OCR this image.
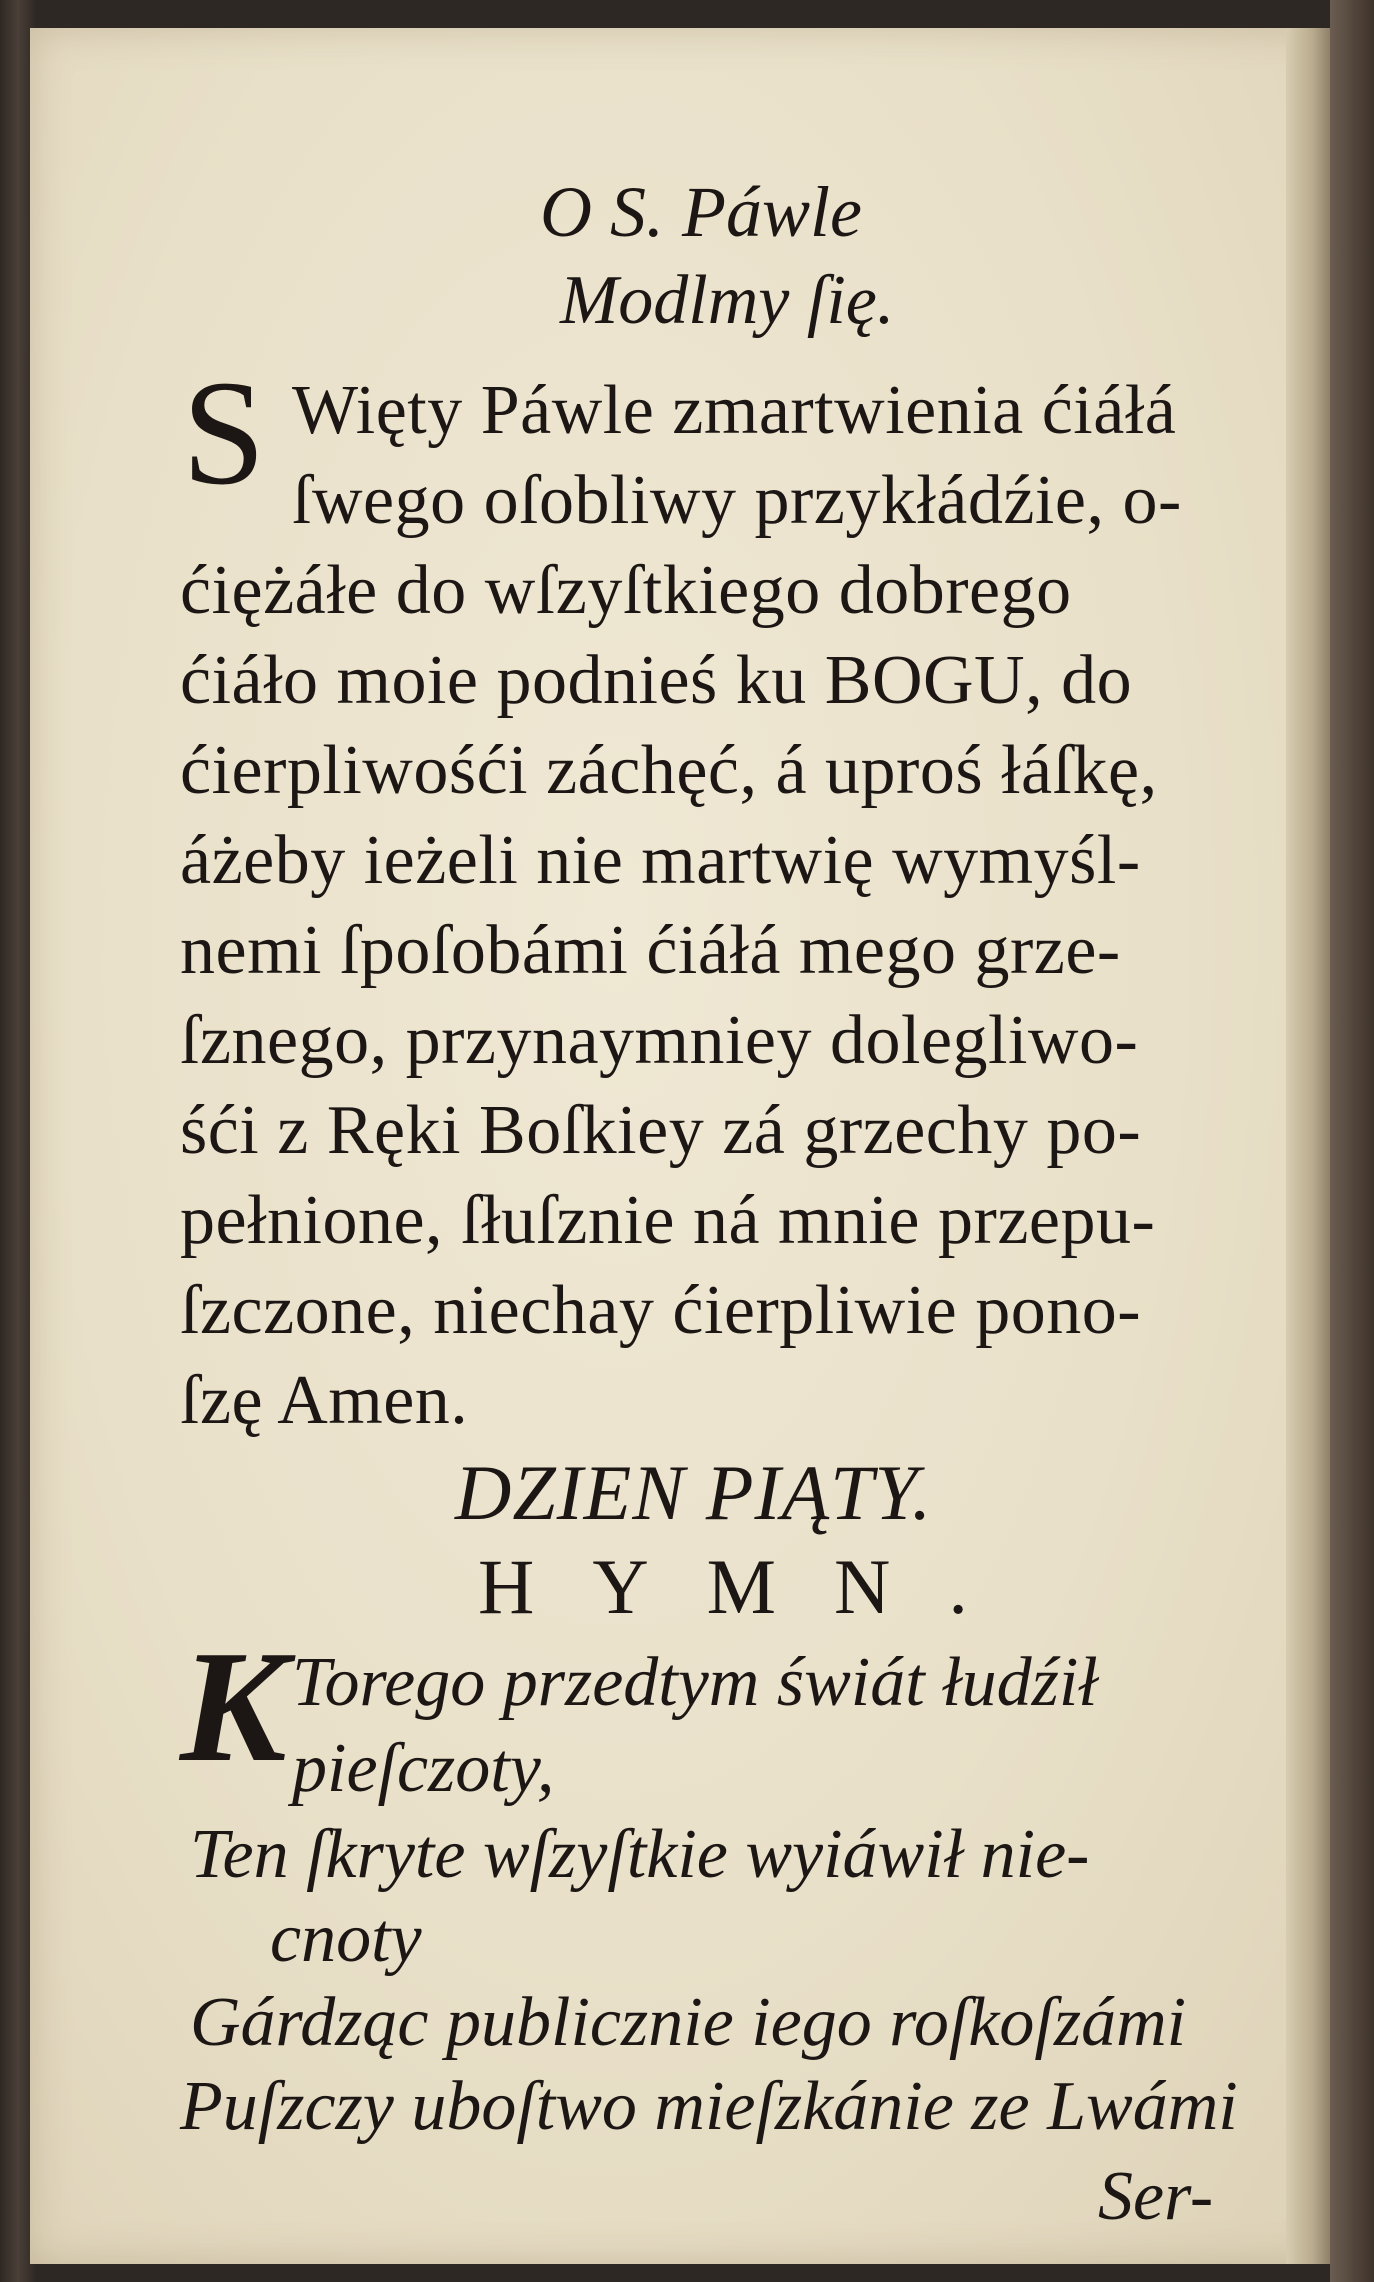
O S. Páwle
Modlmy ſię.
S Więty Páwle zmartwienia ćiáłá
ſwego oſobliwy przykłádźie, o-
ćiężáłe do wſzyſtkiego dobrego
ćiáło moie podnieś ku BOGU, do
ćierpliwośći záchęć, á uproś łáſkę,
áżeby ieżeli nie martwię wymyśl-
nemi ſpoſobámi ćiáłá mego grze-
ſznego, przynaymniey dolegliwo-
śći z Ręki Boſkiey zá grzechy po-
pełnione, ſłuſznie ná mnie przepu-
ſzczone, niechay ćierpliwie pono-
ſzę Amen.
DZIEN PIĄTY.
HYMN.
K Torego przedtym świát łudźił
pieſczoty,
Ten ſkryte wſzyſtkie wyiáwił nie-
cnoty
Gárdząc publicznie iego roſkoſzámi
Puſzczy uboſtwo mieſzkánie ze Lwámi
Ser-
